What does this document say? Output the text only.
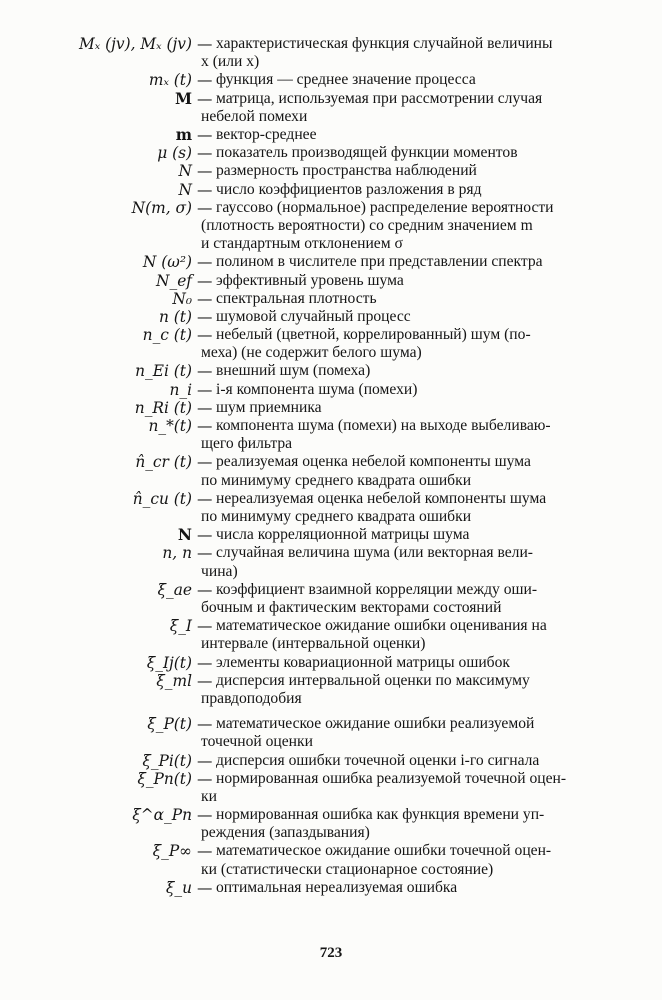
Mₓ (jv), Mₓ (jv) — характеристическая функция случайной величины
x (или x)
mₓ (t) — функция — среднее значение процесса
M — матрица, используемая при рассмотрении случая
небелой помехи
m — вектор-среднее
μ (s) — показатель производящей функции моментов
N — размерность пространства наблюдений
N — число коэффициентов разложения в ряд
N(m, σ) — гауссово (нормальное) распределение вероятности
(плотность вероятности) со средним значением m
и стандартным отклонением σ
N (ω²) — полином в числителе при представлении спектра
N_ef — эффективный уровень шума
N₀ — спектральная плотность
n (t) — шумовой случайный процесс
n_c (t) — небелый (цветной, коррелированный) шум (по-
меха) (не содержит белого шума)
n_Ei (t) — внешний шум (помеха)
n_i — i-я компонента шума (помехи)
n_Ri (t) — шум приемника
n_*(t) — компонента шума (помехи) на выходе выбеливаю-
щего фильтра
n̂_cr (t) — реализуемая оценка небелой компоненты шума
по минимуму среднего квадрата ошибки
n̂_cu (t) — нереализуемая оценка небелой компоненты шума
по минимуму среднего квадрата ошибки
N — числа корреляционной матрицы шума
n, n — случайная величина шума (или векторная вели-
чина)
ξ_ae — коэффициент взаимной корреляции между оши-
бочным и фактическим векторами состояний
ξ_I — математическое ожидание ошибки оценивания на
интервале (интервальной оценки)
ξ_Ij(t) — элементы ковариационной матрицы ошибок
ξ_ml — дисперсия интервальной оценки по максимуму
правдоподобия
ξ_P(t) — математическое ожидание ошибки реализуемой
точечной оценки
ξ_Pi(t) — дисперсия ошибки точечной оценки i-го сигнала
ξ_Pn(t) — нормированная ошибка реализуемой точечной оцен-
ки
ξ^α_Pn — нормированная ошибка как функция времени уп-
реждения (запаздывания)
ξ_P∞ — математическое ожидание ошибки точечной оцен-
ки (статистически стационарное состояние)
ξ_u — оптимальная нереализуемая ошибка
723
